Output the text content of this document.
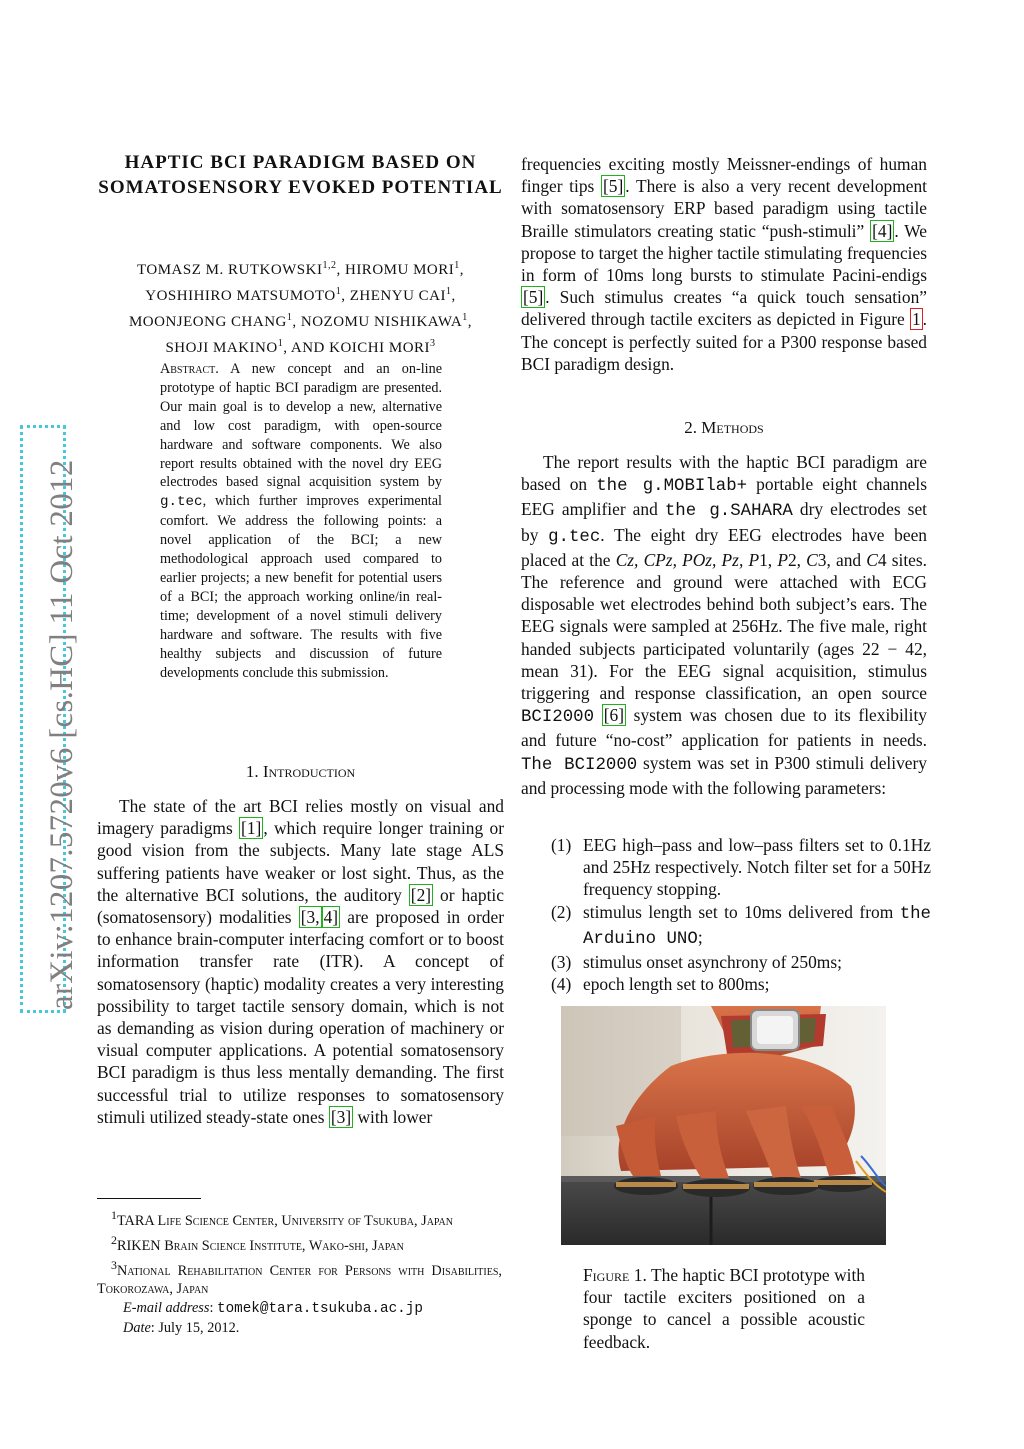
arXiv:1207.5720v6 [cs.HC] 11 Oct 2012
HAPTIC BCI PARADIGM BASED ON SOMATOSENSORY EVOKED POTENTIAL
TOMASZ M. RUTKOWSKI$^{1,2}$, HIROMU MORI$^1$,
YOSHIHIRO MATSUMOTO$^1$, ZHENYU CAI$^1$,
MOONJEONG CHANG$^1$, NOZOMU NISHIKAWA$^1$,
SHOJI MAKINO$^1$, AND KOICHI MORI$^3$
Abstract. A new concept and an on-line prototype of haptic BCI paradigm are presented. Our main goal is to develop a new, alternative and low cost paradigm, with open-source hardware and software components. We also report results obtained with the novel dry EEG electrodes based signal acquisition system by g.tec, which further improves experimental comfort. We address the following points: a novel application of the BCI; a new methodological approach used compared to earlier projects; a new benefit for potential users of a BCI; the approach working online/in real-time; development of a novel stimuli delivery hardware and software. The results with five healthy subjects and discussion of future developments conclude this submission.
1. Introduction

The state of the art BCI relies mostly on visual and imagery paradigms [1] , which require longer training or good vision from the subjects. Many late stage ALS suffering patients have weaker or lost sight. Thus, as the the alternative BCI solutions, the auditory [2] or haptic (somatosensory) modalities [3, 4] are proposed in order to enhance brain-computer interfacing comfort or to boost information transfer rate (ITR). A concept of somatosensory (haptic) modality creates a very interesting possibility to target tactile sensory domain, which is not as demanding as vision during operation of machinery or visual computer applications. A potential somatosensory BCI paradigm is thus less mentally demanding. The first successful trial to utilize responses to somatosensory stimuli utilized steady-state ones [3] with lower

$^1$TARA Life Science Center, University of Tsukuba, Japan

$^2$RIKEN Brain Science Institute, Wako-shi, Japan

$^3$National Rehabilitation Center for Persons with Disabilities, Tokorozawa, Japan

E-mail address: tomek@tara.tsukuba.ac.jp

Date: July 15, 2012.

frequencies exciting mostly Meissner-endings of human finger tips [5] . There is also a very recent development with somatosensory ERP based paradigm using tactile Braille stimulators creating static “push-stimuli” [4] . We propose to target the higher tactile stimulating frequencies in form of 10ms long bursts to stimulate Pacini-endigs [5] . Such stimulus creates “a quick touch sensation” delivered through tactile exciters as depicted in Figure 1 . The concept is perfectly suited for a P300 response based BCI paradigm design.
2. Methods

The report results with the haptic BCI paradigm are based on the g.MOBIlab+ portable eight channels EEG amplifier and the g.SAHARA dry electrodes set by g.tec. The eight dry EEG electrodes have been placed at the Cz, CPz, POz, Pz, P1, P2, C3, and C4 sites. The reference and ground were attached with ECG disposable wet electrodes behind both subject’s ears. The EEG signals were sampled at 256Hz. The five male, right handed subjects participated voluntarily (ages 22 − 42, mean 31). For the EEG signal acquisition, stimulus triggering and response classification, an open source BCI2000 [6] system was chosen due to its flexibility and future “no-cost” application for patients in needs. The BCI2000 system was set in P300 stimuli delivery and processing mode with the following parameters:

(1) EEG high–pass and low–pass filters set to 0.1Hz and 25Hz respectively. Notch filter set for a 50Hz frequency stopping.
(2) stimulus length set to 10ms delivered from the Arduino UNO;
(3) stimulus onset asynchrony of 250ms;
(4) epoch length set to 800ms;
Figure 1. The haptic BCI prototype with four tactile exciters positioned on a sponge to cancel a possible acoustic feedback.
